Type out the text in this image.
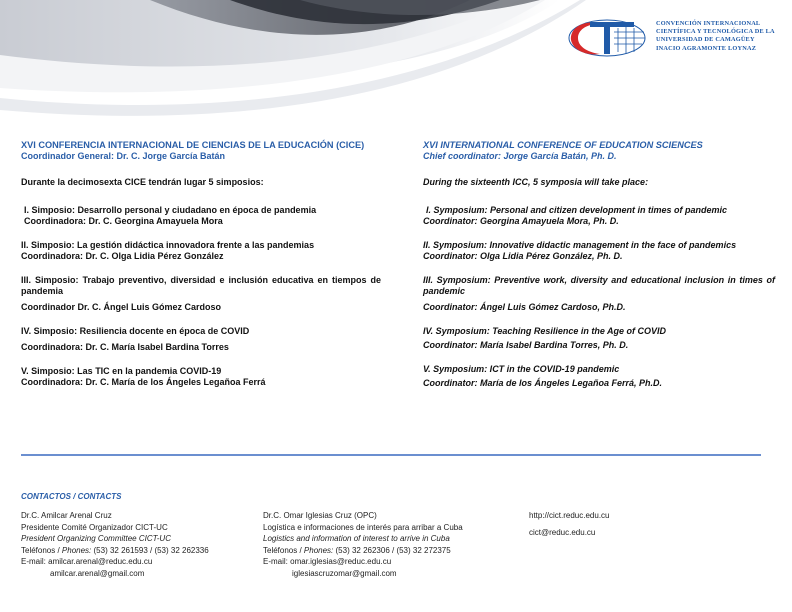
CONVENCIÓN INTERNACIONAL
CIENTÍFICA Y TECNOLÓGICA DE LA
UNIVERSIDAD DE CAMAGÜEY
INACIO AGRAMONTE LOYNAZ
XVI CONFERENCIA INTERNACIONAL DE CIENCIAS DE LA EDUCACIÓN (CICE)
Coordinador General: Dr. C. Jorge García Batán
Durante la decimosexta CICE tendrán lugar 5 simposios:
I. Simposio: Desarrollo personal y ciudadano en época de pandemia
Coordinadora: Dr. C. Georgina Amayuela Mora
II. Simposio: La gestión didáctica innovadora frente a las pandemias
Coordinadora: Dr. C. Olga Lidia Pérez González
III. Simposio: Trabajo preventivo, diversidad e inclusión educativa en tiempos de pandemia
Coordinador Dr. C. Ángel Luis Gómez Cardoso
IV. Simposio: Resiliencia docente en época de COVID
Coordinadora: Dr. C. María Isabel Bardina Torres
V. Simposio: Las TIC en la pandemia COVID-19
Coordinadora: Dr. C. María de los Ángeles Legañoa Ferrá
XVI INTERNATIONAL CONFERENCE OF EDUCATION SCIENCES
Chief coordinator: Jorge García Batán, Ph. D.
During the sixteenth ICC, 5 symposia will take place:
I. Symposium: Personal and citizen development in times of pandemic
Coordinator: Georgina Amayuela Mora, Ph. D.
II. Symposium: Innovative didactic management in the face of pandemics
Coordinator: Olga Lidia Pérez González, Ph. D.
III. Symposium: Preventive work, diversity and educational inclusion in times of pandemic
Coordinator: Ángel Luis Gómez Cardoso, Ph.D.
IV. Symposium: Teaching Resilience in the Age of COVID
Coordinator: María Isabel Bardina Torres, Ph. D.
V. Symposium: ICT in the COVID-19 pandemic
Coordinator: María de los Ángeles Legañoa Ferrá, Ph.D.
CONTACTOS / CONTACTS
Dr.C. Amilcar Arenal Cruz
Presidente Comité Organizador CICT-UC
President Organizing Committee CICT-UC
Teléfonos / Phones: (53) 32 261593 / (53) 32 262336
E-mail: amilcar.arenal@reduc.edu.cu
amilcar.arenal@gmail.com
Dr.C. Omar Iglesias Cruz (OPC)
Logística e informaciones de interés para arribar a Cuba
Logistics and information of interest to arrive in Cuba
Teléfonos / Phones: (53) 32 262306 / (53) 32 272375
E-mail: omar.iglesias@reduc.edu.cu
iglesiascruzomar@gmail.com
http://cict.reduc.edu.cu
cict@reduc.edu.cu
